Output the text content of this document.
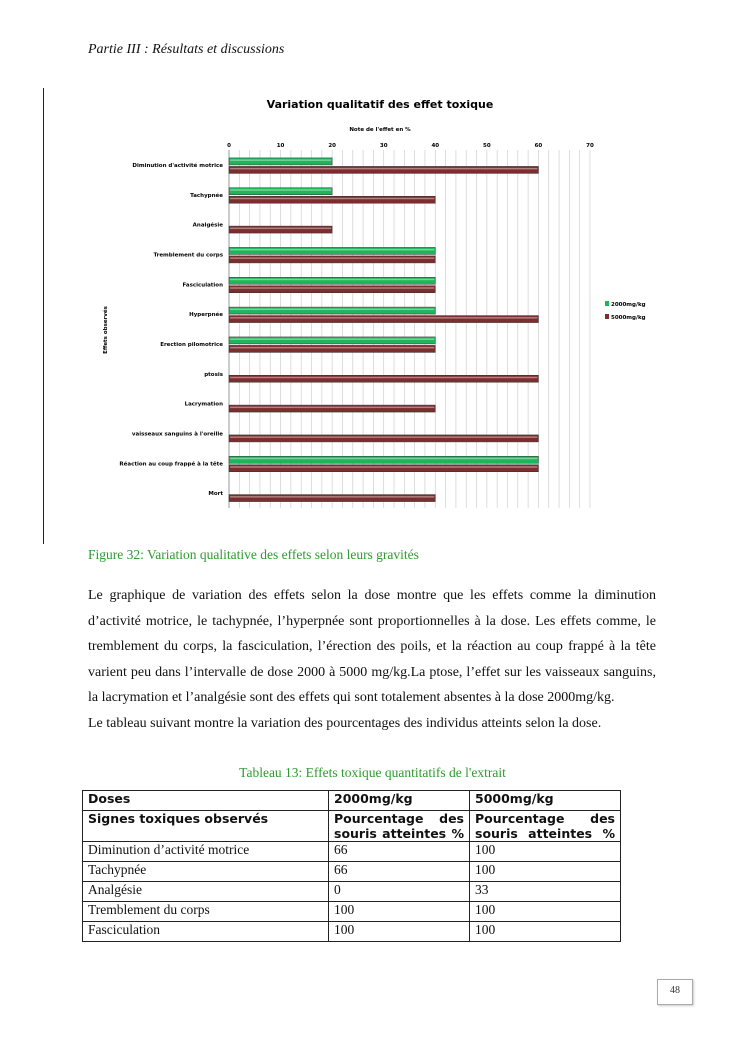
Partie III : Résultats et discussions
Variation qualitatif des effet toxique
Note de l'effet en %
0	10	20	30	40	50	60	70
Diminution d'activité motrice
Tachypnée
Analgésie
Tremblement du corps
Fasciculation
Hyperpnée
Erection pilomotrice
ptosis
Lacrymation
vaisseaux sanguins à l'oreille
Réaction au coup frappé à la tête
Mort
Effets observés
2000mg/kg
5000mg/kg
Figure 32: Variation qualitative des effets selon leurs gravités

Le graphique de variation des effets selon la dose montre que les effets comme la diminution d’activité motrice, le tachypnée, l’hyperpnée sont proportionnelles à la dose. Les effets comme, le tremblement du corps, la fasciculation, l’érection des poils, et la réaction au coup frappé à la tête varient peu dans l’intervalle de dose 2000 à 5000 mg/kg.La ptose, l’effet sur les vaisseaux sanguins, la lacrymation et l’analgésie sont des effets qui sont totalement absentes à la dose 2000mg/kg.

Le tableau suivant montre la variation des pourcentages des individus atteints selon la dose.

Tableau 13: Effets toxique quantitatifs de l'extrait
Doses	2000mg/kg	5000mg/kg
Signes toxiques observés	Pourcentage des souris atteintes %	Pourcentage des souris atteintes %
Diminution d’activité motrice	66	100
Tachypnée	66	100
Analgésie	0	33
Tremblement du corps	100	100
Fasciculation	100	100
48
